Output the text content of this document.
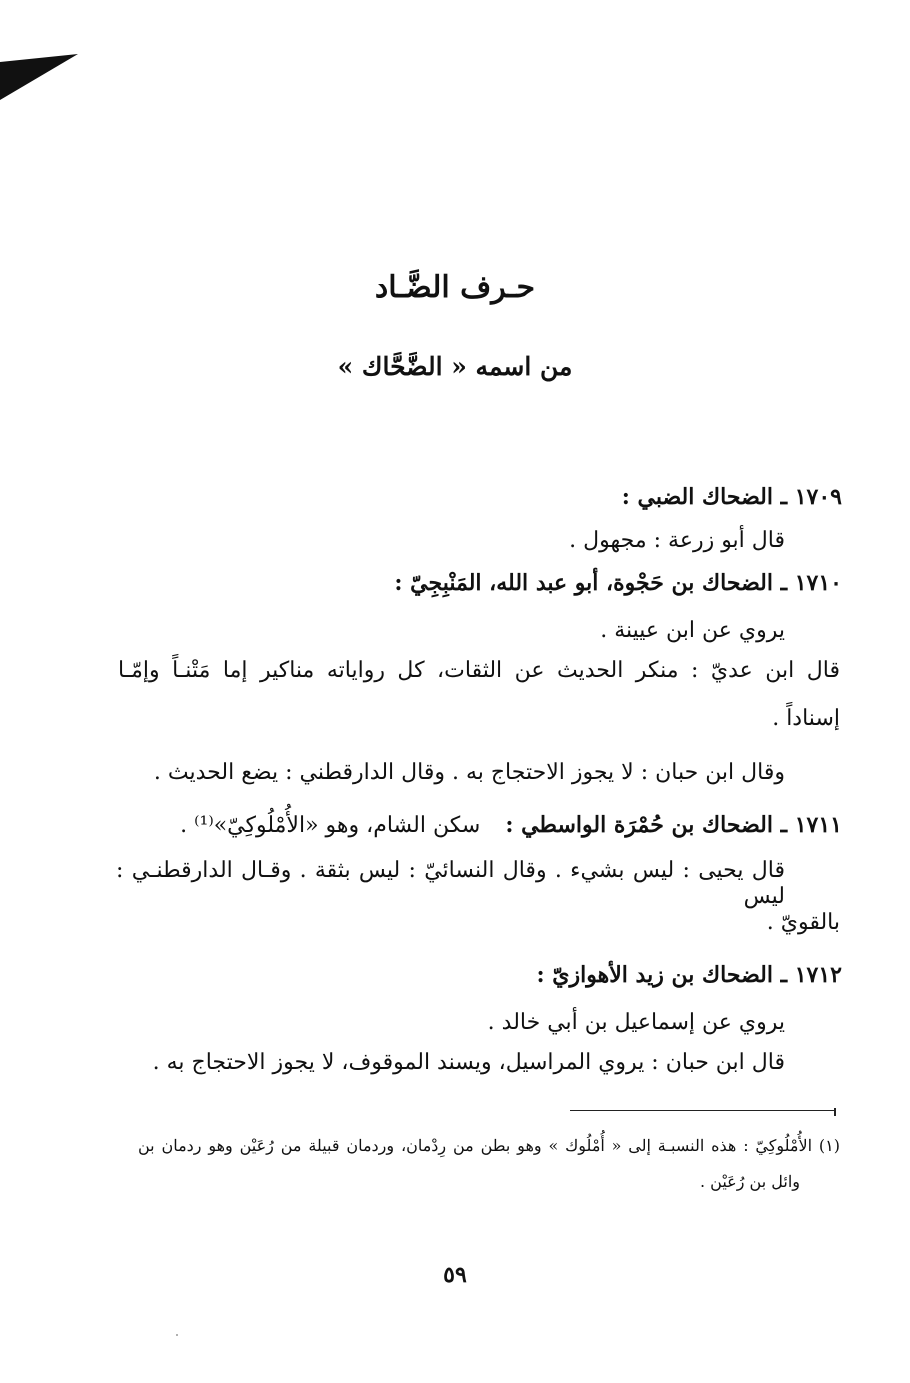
حـرف الضَّـاد
من اسمه « الضَّحَّاك »
١٧٠٩ ـ الضحاك الضبي :
قال أبو زرعة : مجهول .
١٧١٠ ـ الضحاك بن حَجْوة، أبو عبد الله، المَنْبِجِيّ :
يروي عن ابن عيينة .
قال ابن عديّ : منكر الحديث عن الثقات، كل رواياته مناكير إما مَتْنـاً وإمّـا
إسناداً .
وقال ابن حبان : لا يجوز الاحتجاج به . وقال الدارقطني : يضع الحديث .
١٧١١ ـ الضحاك بن حُمْرَة الواسطي : سكن الشام، وهو «الأُمْلُوكِيّ»⁽¹⁾ .
قال يحيى : ليس بشيء . وقال النسائيّ : ليس بثقة . وقـال الدارقطنـي : ليس
بالقويّ .
١٧١٢ ـ الضحاك بن زيد الأهوازيّ :
يروي عن إسماعيل بن أبي خالد .
قال ابن حبان : يروي المراسيل، ويسند الموقوف، لا يجوز الاحتجاج به .
(١) الأُمْلُوكِيّ : هذه النسبـة إلى « أُمْلُوك » وهو بطن من رِدْمان، وردمان قبيلة من رُعَيْن وهو ردمان بن
وائل بن رُعَيْن .
٥٩
